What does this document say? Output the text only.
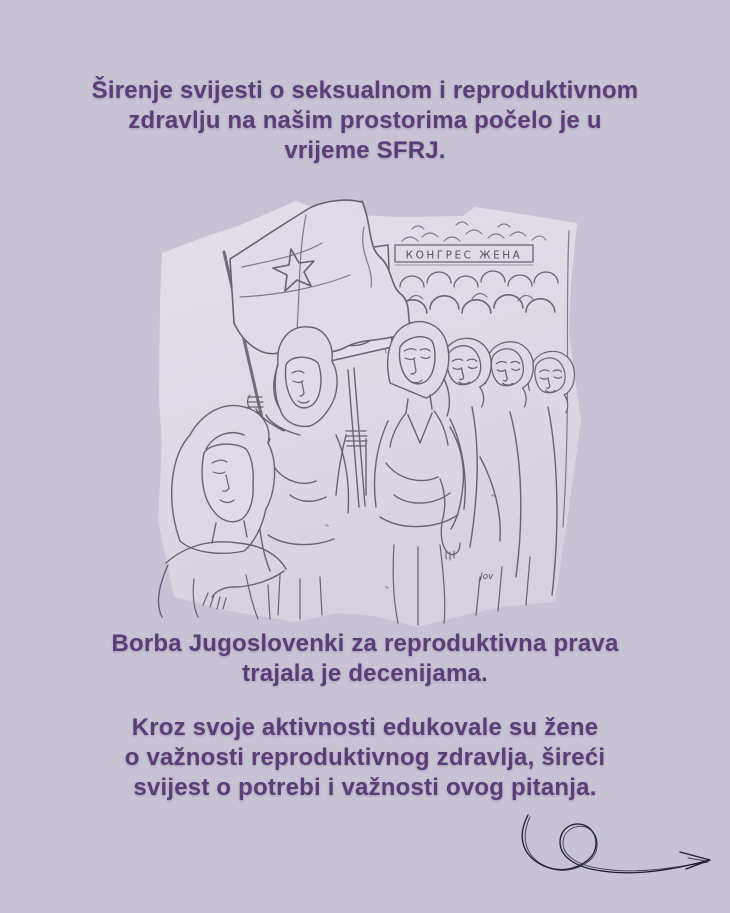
Širenje svijesti o seksualnom i reproduktivnom
zdravlju na našim prostorima počelo je u
vrijeme SFRJ.
КОНГРЕС ЖЕНА
Jov
Borba Jugoslovenki za reproduktivna prava
trajala je decenijama.
Kroz svoje aktivnosti edukovale su žene
o važnosti reproduktivnog zdravlja, šireći
svijest o potrebi i važnosti ovog pitanja.
